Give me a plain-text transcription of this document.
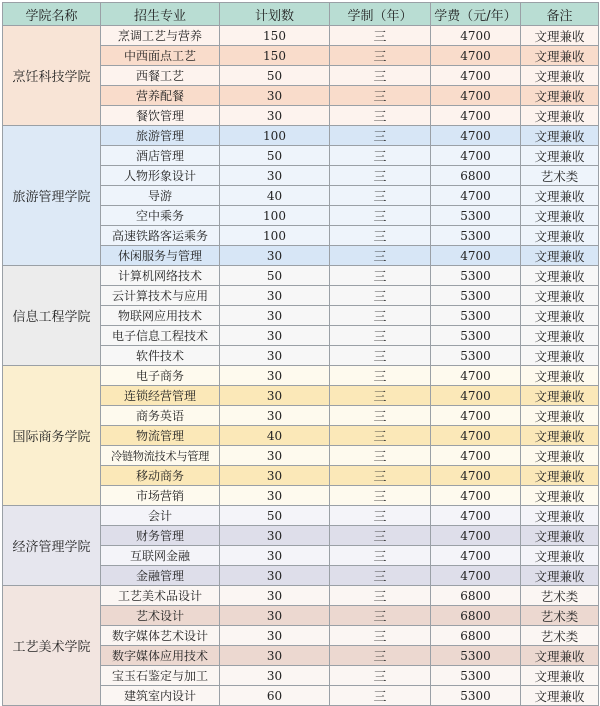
学院名称	招生专业	计划数	学制（年）	学费（元/年）	备注
烹饪科技学院	烹调工艺与营养	150	三	4700	文理兼收
	中西面点工艺	150	三	4700	文理兼收
	西餐工艺	50	三	4700	文理兼收
	营养配餐	30	三	4700	文理兼收
	餐饮管理	30	三	4700	文理兼收
旅游管理学院	旅游管理	100	三	4700	文理兼收
	酒店管理	50	三	4700	文理兼收
	人物形象设计	30	三	6800	艺术类
	导游	40	三	4700	文理兼收
	空中乘务	100	三	5300	文理兼收
	高速铁路客运乘务	100	三	5300	文理兼收
	休闲服务与管理	30	三	4700	文理兼收
信息工程学院	计算机网络技术	50	三	5300	文理兼收
	云计算技术与应用	30	三	5300	文理兼收
	物联网应用技术	30	三	5300	文理兼收
	电子信息工程技术	30	三	5300	文理兼收
	软件技术	30	三	5300	文理兼收
国际商务学院	电子商务	30	三	4700	文理兼收
	连锁经营管理	30	三	4700	文理兼收
	商务英语	30	三	4700	文理兼收
	物流管理	40	三	4700	文理兼收
	冷链物流技术与管理	30	三	4700	文理兼收
	移动商务	30	三	4700	文理兼收
	市场营销	30	三	4700	文理兼收
经济管理学院	会计	50	三	4700	文理兼收
	财务管理	30	三	4700	文理兼收
	互联网金融	30	三	4700	文理兼收
	金融管理	30	三	4700	文理兼收
工艺美术学院	工艺美术品设计	30	三	6800	艺术类
	艺术设计	30	三	6800	艺术类
	数字媒体艺术设计	30	三	6800	艺术类
	数字媒体应用技术	30	三	5300	文理兼收
	宝玉石鉴定与加工	30	三	5300	文理兼收
	建筑室内设计	60	三	5300	文理兼收
